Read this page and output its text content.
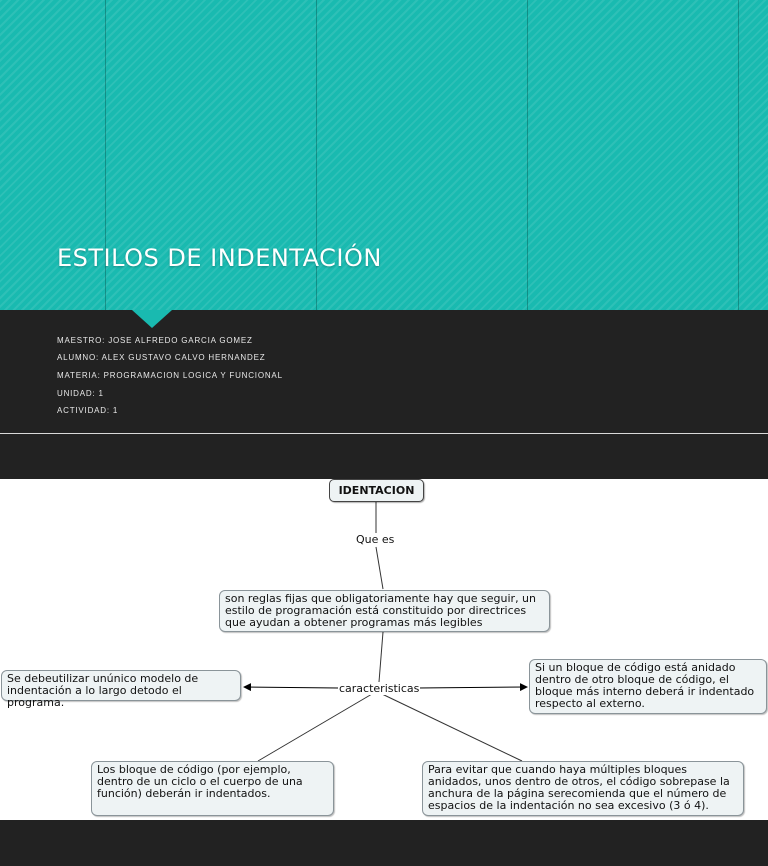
ESTILOS DE INDENTACIÓN
MAESTRO: JOSE ALFREDO GARCIA GOMEZ
ALUMNO: ALEX GUSTAVO CALVO HERNANDEZ
MATERIA: PROGRAMACION LOGICA Y FUNCIONAL
UNIDAD: 1
ACTIVIDAD: 1
IDENTACION
Que es
son reglas fijas que obligatoriamente hay que seguir, un estilo de programación está constituido por directrices que ayudan a obtener programas más legibles
caracteristicas
Se debeutilizar unúnico modelo de indentación a lo largo detodo el programa.
Si un bloque de código está anidado dentro de otro bloque de código, el bloque más interno deberá ir indentado respecto al externo.
Los bloque de código (por ejemplo, dentro de un ciclo o el cuerpo de una función) deberán ir indentados.
Para evitar que cuando haya múltiples bloques anidados, unos dentro de otros, el código sobrepase la anchura de la página serecomienda que el número de espacios de la indentación no sea excesivo (3 ó 4).
